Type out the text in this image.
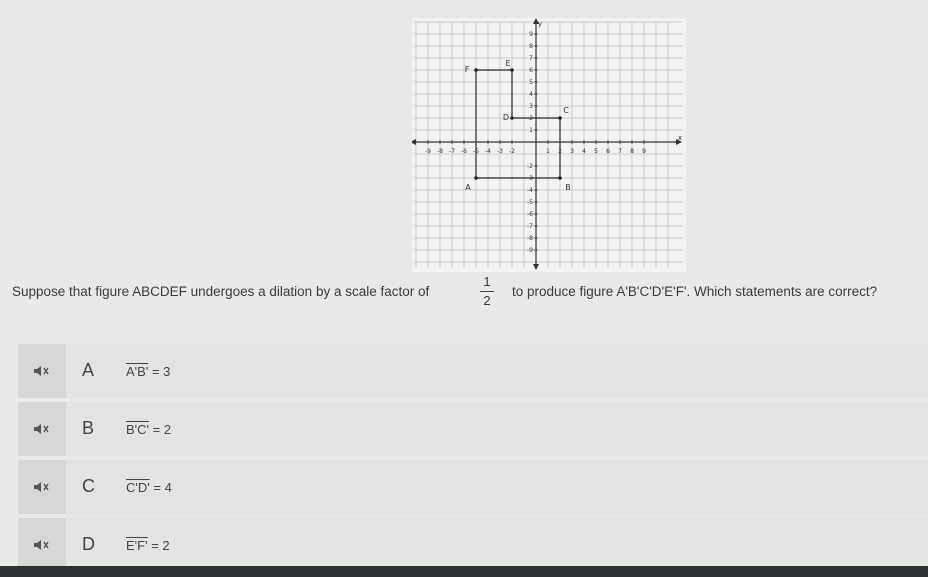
x
y
-9 -8 -7 -6 -5 -4 -3 -2	1 2 3 4 5 6 7 8 9
9
8
7
6
5
4
3
2
1
-2
-3
-4
-5
-6
-7
-8
-9
A	B
C
D
E
F
Suppose that figure ABCDEF undergoes a dilation by a scale factor of
1
2
to produce figure A'B'C'D'E'F'. Which statements are correct?
A	A'B' = 3
B	B'C' = 2
C	C'D' = 4
D	E'F' = 2
